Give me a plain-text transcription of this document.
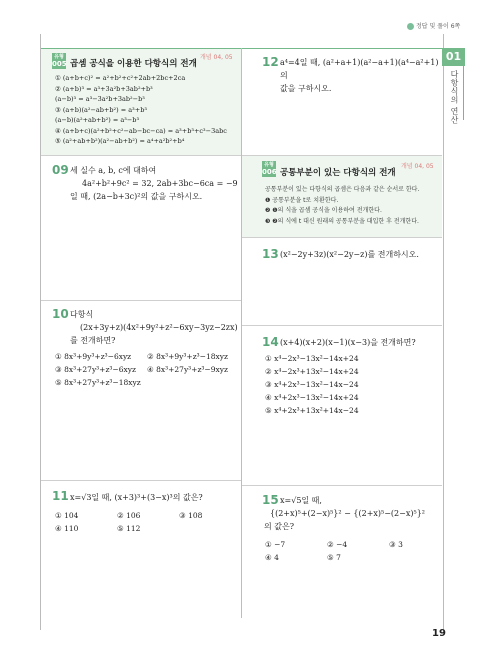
정답 및 풀이 6쪽
01
다항식의 연산
유형
005 곱셈 공식을 이용한 다항식의 전개
개념 04, 05
① (a+b+c)² = a²+b²+c²+2ab+2bc+2ca
② (a+b)³ = a³+3a²b+3ab²+b³
(a−b)³ = a³−3a²b+3ab²−b³
③ (a+b)(a²−ab+b²) = a³+b³
(a−b)(a²+ab+b²) = a³−b³
④ (a+b+c)(a²+b²+c²−ab−bc−ca) = a³+b³+c³−3abc
⑤ (a²+ab+b²)(a²−ab+b²) = a⁴+a²b²+b⁴
09 세 실수 a, b, c에 대하여
4a²+b²+9c² = 32, 2ab+3bc−6ca = −9
일 때, (2a−b+3c)²의 값을 구하시오.
10 다항식
(2x+3y+z)(4x²+9y²+z²−6xy−3yz−2zx)
를 전개하면?
① 8x³+9y³+z³−6xyz ② 8x³+9y³+z³−18xyz
③ 8x³+27y³+z³−6xyz ④ 8x³+27y³+z³−9xyz
⑤ 8x³+27y³+z³−18xyz
11 x=√3일 때, (x+3)³+(3−x)³의 값은?
① 104	② 106	③ 108
④ 110	⑤ 112
12 a⁴=4일 때, (a²+a+1)(a²−a+1)(a⁴−a²+1)의
값을 구하시오.
유형
006 공통부분이 있는 다항식의 전개
개념 04, 05
공통부분이 있는 다항식의 곱셈은 다음과 같은 순서로 한다.
❶ 공통부분을 t로 치환한다.
❷ ❶의 식을 곱셈 공식을 이용하여 전개한다.
❸ ❷의 식에 t 대신 원래의 공통부분을 대입한 후 전개한다.
13 (x²−2y+3z)(x²−2y−z)를 전개하시오.
14 (x+4)(x+2)(x−1)(x−3)을 전개하면?
① x⁴−2x³−13x²−14x+24
② x⁴−2x³+13x²−14x+24
③ x⁴+2x³−13x²−14x−24
④ x⁴+2x³−13x²−14x+24
⑤ x⁴+2x³+13x²+14x−24
15 x=√5일 때,
{(2+x)⁵+(2−x)⁵}² − {(2+x)⁵−(2−x)⁵}²
의 값은?
① −7	② −4	③ 3
④ 4	⑤ 7
19
